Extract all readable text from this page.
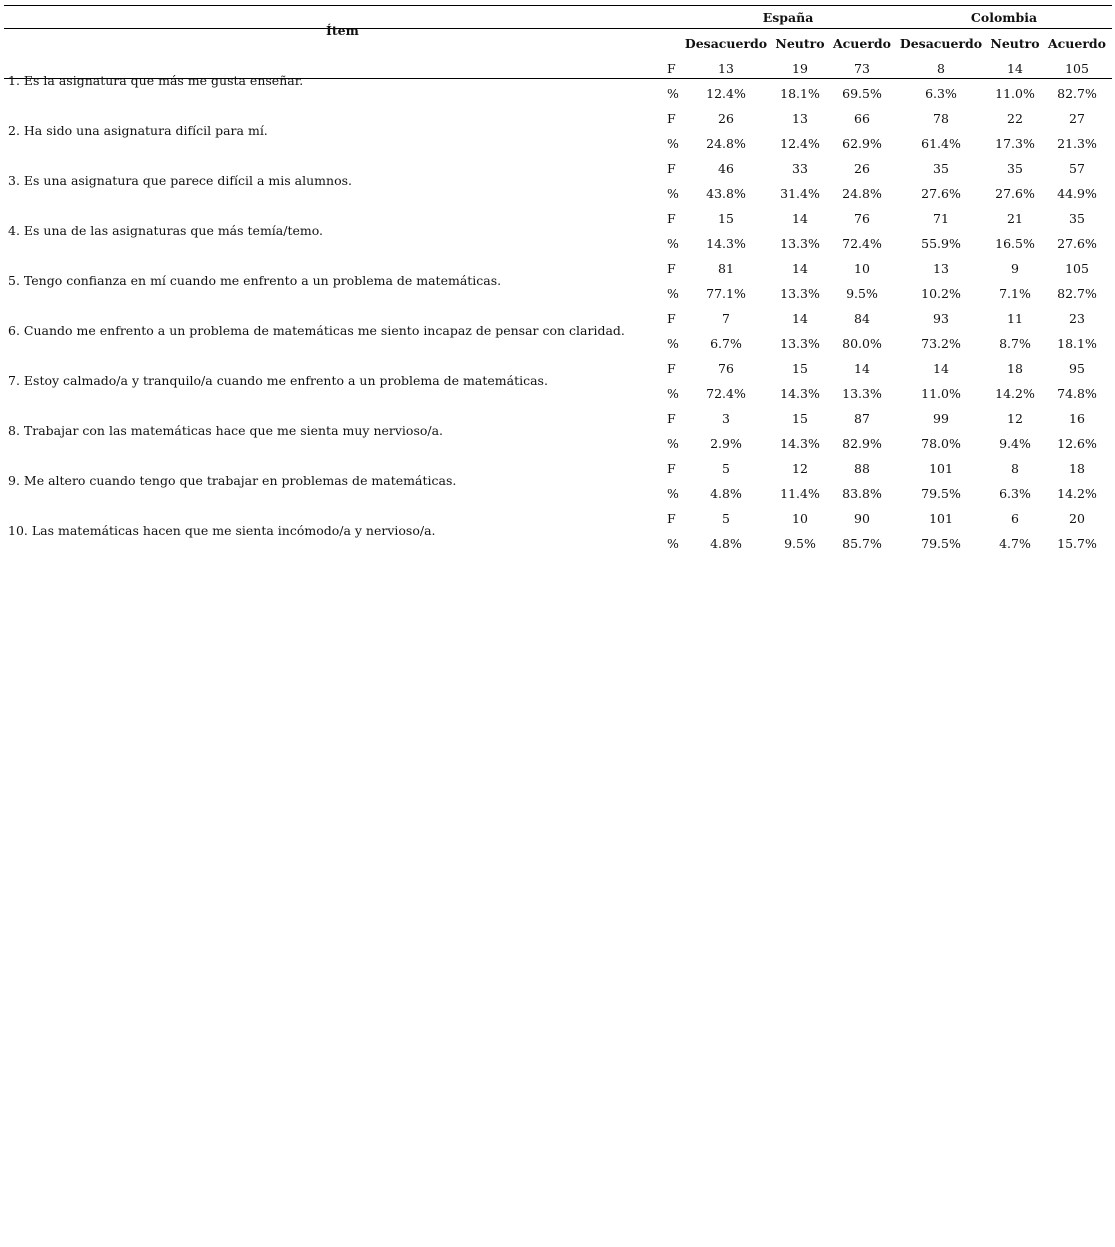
Ítem
España	Colombia
Desacuerdo Neutro Acuerdo Desacuerdo Neutro Acuerdo
1. Es la asignatura que más me gusta enseñar.
F
%
13
12.4%
19
18.1%
73
69.5%
8
6.3%
14
11.0%
105
82.7%
2. Ha sido una asignatura difícil para mí.
F
%
26
24.8%
13
12.4%
66
62.9%
78
61.4%
22
17.3%
27
21.3%
3. Es una asignatura que parece difícil a mis alumnos.
F
%
46
43.8%
33
31.4%
26
24.8%
35
27.6%
35
27.6%
57
44.9%
4. Es una de las asignaturas que más temía/temo.
F
%
15
14.3%
14
13.3%
76
72.4%
71
55.9%
21
16.5%
35
27.6%
5. Tengo confianza en mí cuando me enfrento a un problema de matemáticas.
F
%
81
77.1%
14
13.3%
10
9.5%
13
10.2%
9
7.1%
105
82.7%
6. Cuando me enfrento a un problema de matemáticas me siento incapaz de pensar con claridad.
F
%
7
6.7%
14
13.3%
84
80.0%
93
73.2%
11
8.7%
23
18.1%
7. Estoy calmado/a y tranquilo/a cuando me enfrento a un problema de matemáticas.
F
%
76
72.4%
15
14.3%
14
13.3%
14
11.0%
18
14.2%
95
74.8%
8. Trabajar con las matemáticas hace que me sienta muy nervioso/a.
F
%
3
2.9%
15
14.3%
87
82.9%
99
78.0%
12
9.4%
16
12.6%
9. Me altero cuando tengo que trabajar en problemas de matemáticas.
F
%
5
4.8%
12
11.4%
88
83.8%
101
79.5%
8
6.3%
18
14.2%
10. Las matemáticas hacen que me sienta incómodo/a y nervioso/a.
F
%
5
4.8%
10
9.5%
90
85.7%
101
79.5%
6
4.7%
20
15.7%
